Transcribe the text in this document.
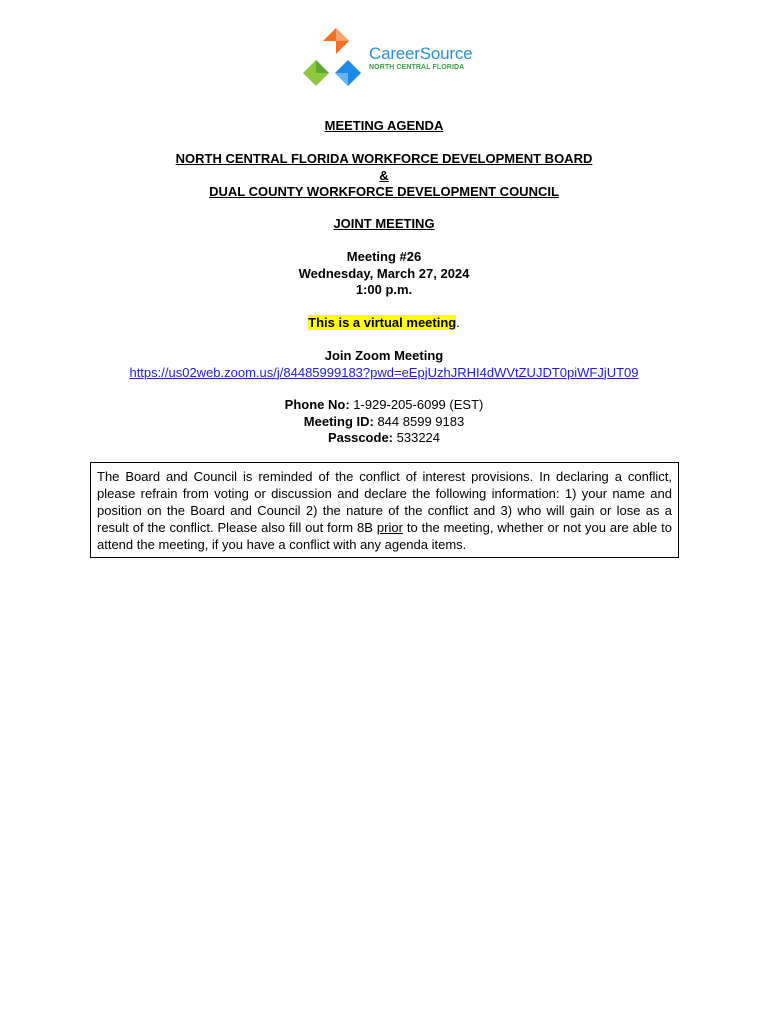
CareerSource
NORTH CENTRAL FLORIDA
MEETING AGENDA
NORTH CENTRAL FLORIDA WORKFORCE DEVELOPMENT BOARD
&
DUAL COUNTY WORKFORCE DEVELOPMENT COUNCIL
JOINT MEETING
Meeting #26
Wednesday, March 27, 2024
1:00 p.m.
This is a virtual meeting.
Join Zoom Meeting
https://us02web.zoom.us/j/84485999183?pwd=eEpjUzhJRHI4dWVtZUJDT0piWFJjUT09
Phone No: 1-929-205-6099 (EST)
Meeting ID: 844 8599 9183
Passcode: 533224

The Board and Council is reminded of the conflict of interest provisions. In declaring a conflict, please refrain from voting or discussion and declare the following information: 1) your name and position on the Board and Council 2) the nature of the conflict and 3) who will gain or lose as a result of the conflict. Please also fill out form 8B prior to the meeting, whether or not you are able to attend the meeting, if you have a conflict with any agenda items.
